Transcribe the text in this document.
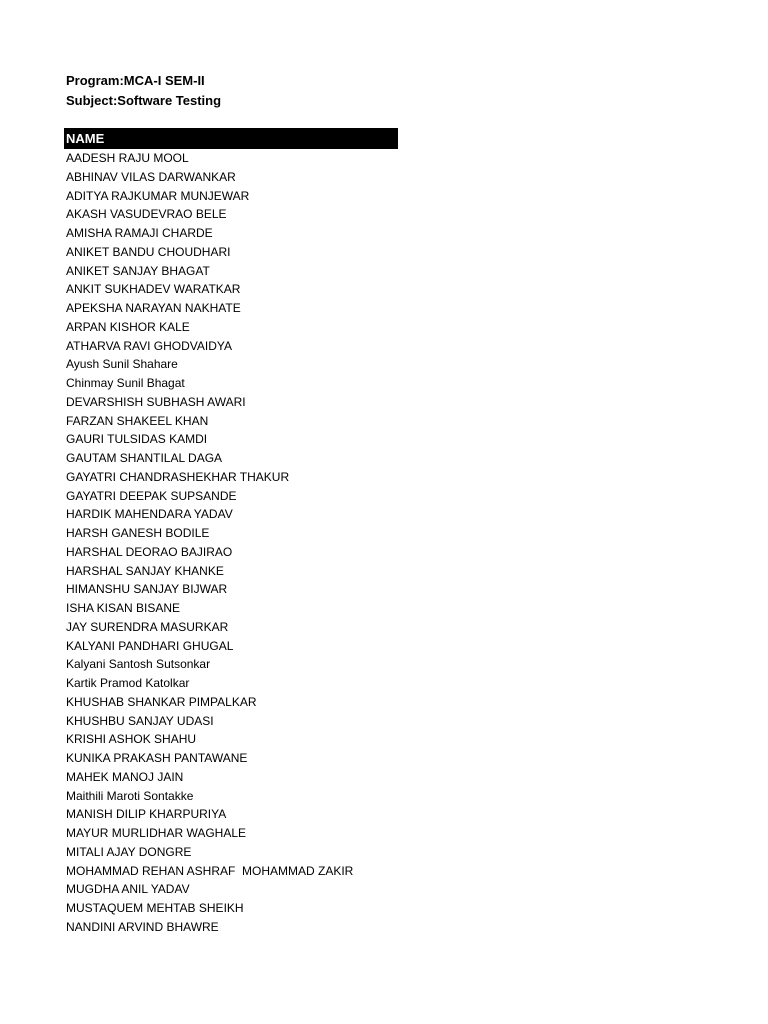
Program:MCA-I SEM-II
Subject:Software Testing
NAME
AADESH RAJU MOOL
ABHINAV VILAS DARWANKAR
ADITYA RAJKUMAR MUNJEWAR
AKASH VASUDEVRAO BELE
AMISHA RAMAJI CHARDE
ANIKET BANDU CHOUDHARI
ANIKET SANJAY BHAGAT
ANKIT SUKHADEV WARATKAR
APEKSHA NARAYAN NAKHATE
ARPAN KISHOR KALE
ATHARVA RAVI GHODVAIDYA
Ayush Sunil Shahare
Chinmay Sunil Bhagat
DEVARSHISH SUBHASH AWARI
FARZAN SHAKEEL KHAN
GAURI TULSIDAS KAMDI
GAUTAM SHANTILAL DAGA
GAYATRI CHANDRASHEKHAR THAKUR
GAYATRI DEEPAK SUPSANDE
HARDIK MAHENDARA YADAV
HARSH GANESH BODILE
HARSHAL DEORAO BAJIRAO
HARSHAL SANJAY KHANKE
HIMANSHU SANJAY BIJWAR
ISHA KISAN BISANE
JAY SURENDRA MASURKAR
KALYANI PANDHARI GHUGAL
Kalyani Santosh Sutsonkar
Kartik Pramod Katolkar
KHUSHAB SHANKAR PIMPALKAR
KHUSHBU SANJAY UDASI
KRISHI ASHOK SHAHU
KUNIKA PRAKASH PANTAWANE
MAHEK MANOJ JAIN
Maithili Maroti Sontakke
MANISH DILIP KHARPURIYA
MAYUR MURLIDHAR WAGHALE
MITALI AJAY DONGRE
MOHAMMAD REHAN ASHRAF  MOHAMMAD ZAKIR
MUGDHA ANIL YADAV
MUSTAQUEM MEHTAB SHEIKH
NANDINI ARVIND BHAWRE
